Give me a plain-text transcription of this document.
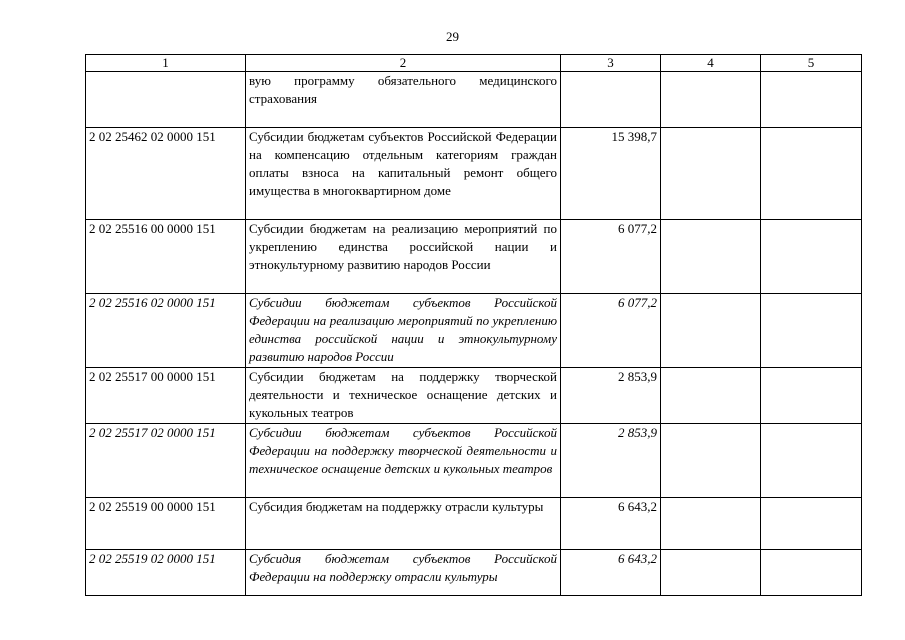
29
1	2	3	4	5
	вую программу обязательного медицинского страхования			
2 02 25462 02 0000 151	Субсидии бюджетам субъектов Российской Федерации на компенсацию отдельным категориям граждан оплаты взноса на капитальный ремонт общего имущества в многоквартирном доме	15 398,7		
2 02 25516 00 0000 151	Субсидии бюджетам на реализацию мероприятий по укреплению единства российской нации и этнокультурному развитию народов России	6 077,2		
2 02 25516 02 0000 151	Субсидии бюджетам субъектов Российской Федерации на реализацию мероприятий по укреплению единства российской нации и этнокультурному развитию народов России	6 077,2		
2 02 25517 00 0000 151	Субсидии бюджетам на поддержку творческой деятельности и техническое оснащение детских и кукольных театров	2 853,9		
2 02 25517 02 0000 151	Субсидии бюджетам субъектов Российской Федерации на поддержку творческой деятельности и техническое оснащение детских и кукольных театров	2 853,9		
2 02 25519 00 0000 151	Субсидия бюджетам на поддержку отрасли культуры	6 643,2		
2 02 25519 02 0000 151	Субсидия бюджетам субъектов Российской Федерации на поддержку отрасли культуры	6 643,2		
